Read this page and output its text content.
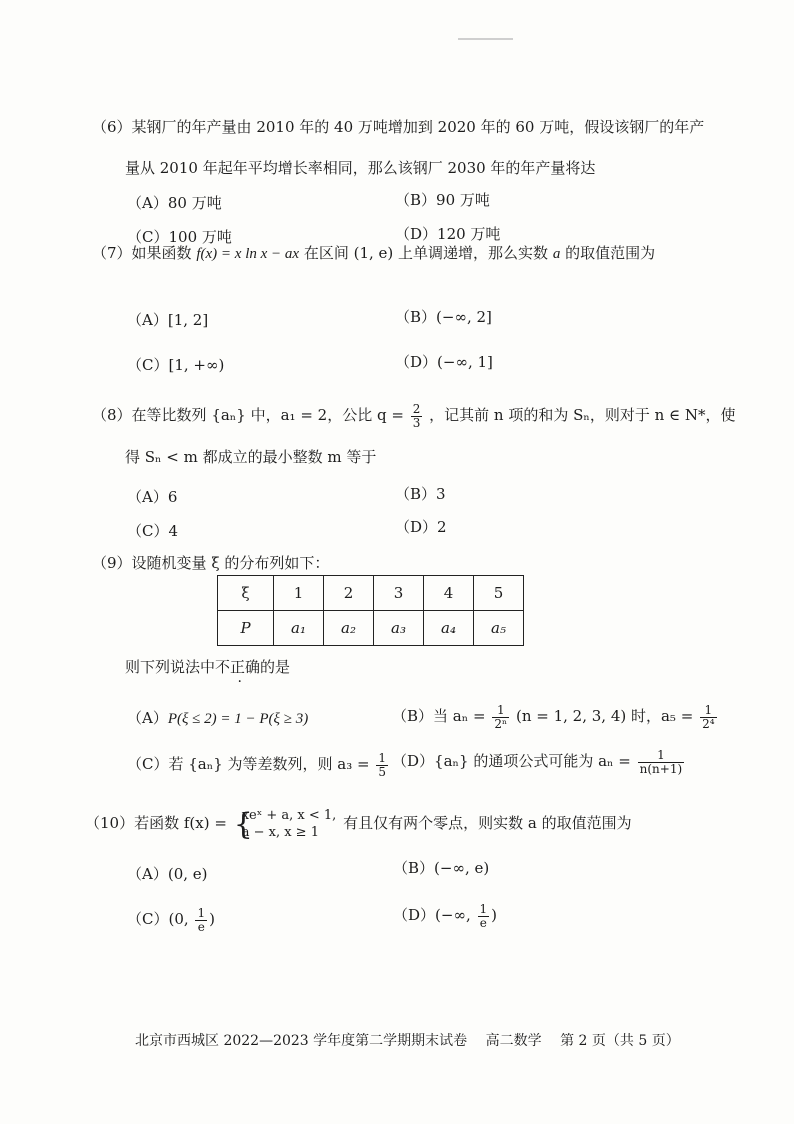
（6）某钢厂的年产量由 2010 年的 40 万吨增加到 2020 年的 60 万吨，假设该钢厂的年产
量从 2010 年起年平均增长率相同，那么该钢厂 2030 年的年产量将达
（A）80 万吨	（B）90 万吨
（C）100 万吨	（D）120 万吨
（7）如果函数 f(x) = x ln x − ax 在区间 (1, e) 上单调递增，那么实数 a 的取值范围为
（A）[1, 2]	（B）(−∞, 2]
（C）[1, +∞)	（D）(−∞, 1]
（8）在等比数列 {aₙ} 中，a₁ = 2，公比 $q = \frac{2}{3}$ ，记其前 n 项的和为 Sₙ，则对于 n ∈ N*，使
得 Sₙ < m 都成立的最小整数 m 等于
（A）6	（B）3
（C）4	（D）2
（9）设随机变量 ξ 的分布列如下：
ξ	1	2	3	4	5
P	a₁	a₂	a₃	a₄	a₅
则下列说法中不正确的是
（A）P(ξ ≤ 2) = 1 − P(ξ ≥ 3)	（B）当 $a_n = \frac{1}{\text{2ⁿ}} (n = 1$, 2, 3, 4) 时，$a_5 = \frac{1}{\text{2⁴}}$
（C）若 {aₙ} 为等差数列，则 $a_3 = \frac{1}{5} (D)\{a_n\}$ 的通项公式可能为 $a_n = \frac{1}{n(n+1)}$
（10）若函数 f(x) = {
xeˣ + a, x < 1,
a − x, x ≥ 1
有且仅有两个零点，则实数 a 的取值范围为
（A）(0, e)	（B）(−∞, e)
（C）(0, $\frac{1}{e}$ )	（D）(−∞, $\frac{1}{e}$ )
北京市西城区 2022—2023 学年度第二学期期末试卷 高二数学 第 2 页（共 5 页）
